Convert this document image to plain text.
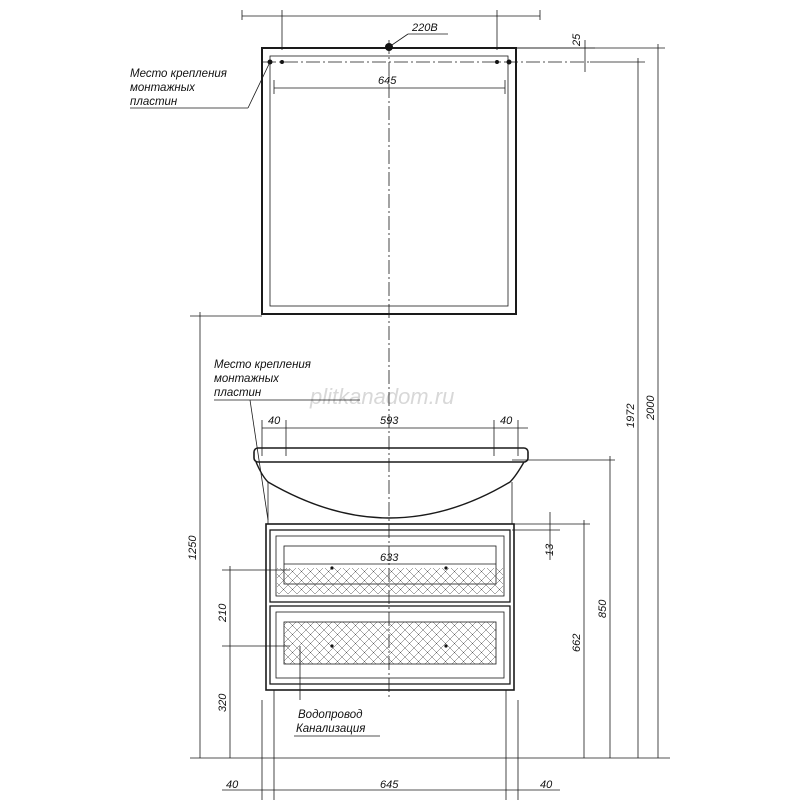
plitkanadom.ru
220В
645
25
Место крепления
монтажных
пластин
2000
1972
850
662
13
1250
210
320
Место крепления
монтажных
пластин
40	593	40
633
Водопровод
Канализация
40	645	40
